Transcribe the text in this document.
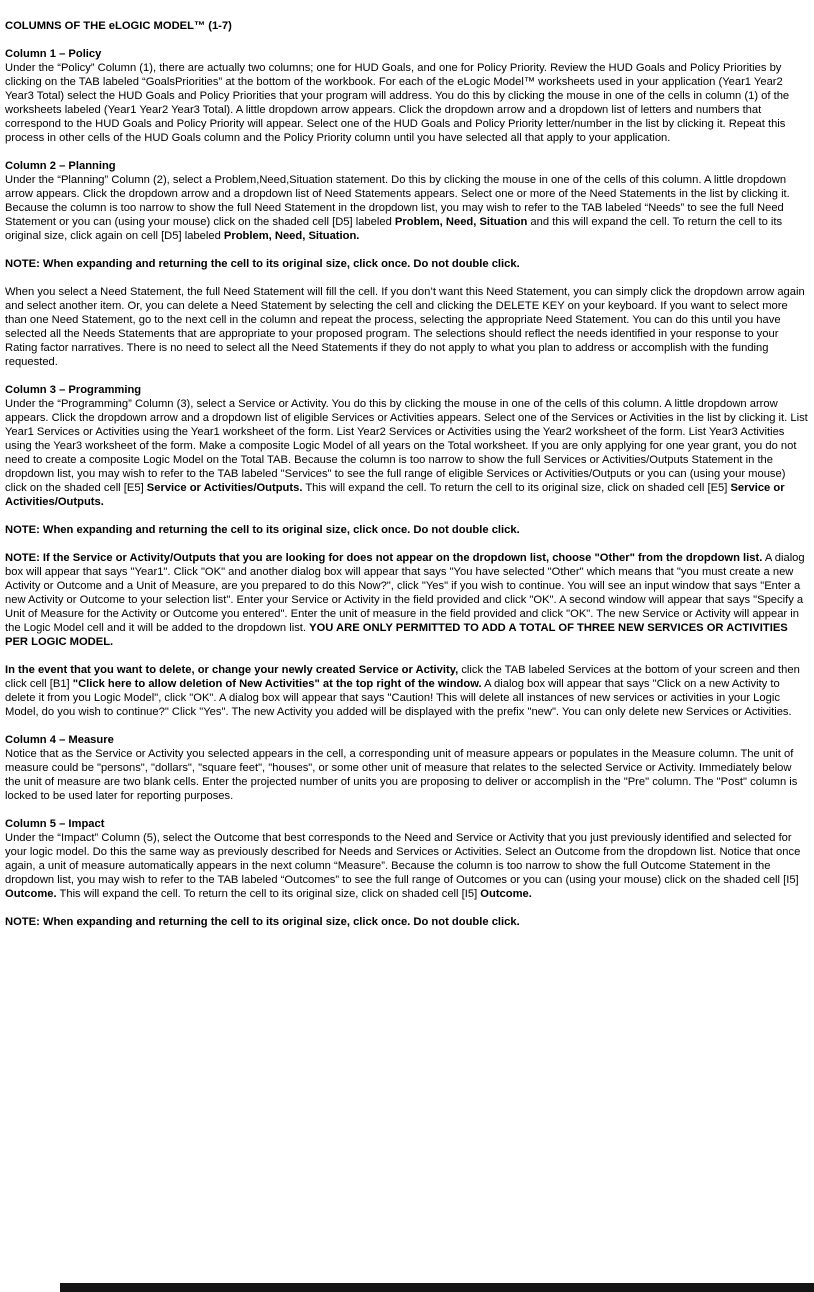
COLUMNS OF THE eLOGIC MODEL™ (1-7)
Column 1 – Policy
Under the “Policy” Column (1), there are actually two columns; one for HUD Goals, and one for Policy Priority. Review the HUD Goals and Policy Priorities by clicking on the TAB labeled “GoalsPriorities” at the bottom of the workbook. For each of the eLogic Model™ worksheets used in your application (Year1 Year2 Year3 Total) select the HUD Goals and Policy Priorities that your program will address. You do this by clicking the mouse in one of the cells in column (1) of the worksheets labeled (Year1 Year2 Year3 Total). A little dropdown arrow appears. Click the dropdown arrow and a dropdown list of letters and numbers that correspond to the HUD Goals and Policy Priority will appear. Select one of the HUD Goals and Policy Priority letter/number in the list by clicking it. Repeat this process in other cells of the HUD Goals column and the Policy Priority column until you have selected all that apply to your application.
Column 2 – Planning
Under the “Planning” Column (2), select a Problem,Need,Situation statement. Do this by clicking the mouse in one of the cells of this column. A little dropdown arrow appears. Click the dropdown arrow and a dropdown list of Need Statements appears. Select one or more of the Need Statements in the list by clicking it. Because the column is too narrow to show the full Need Statement in the dropdown list, you may wish to refer to the TAB labeled “Needs” to see the full Need Statement or you can (using your mouse) click on the shaded cell [D5] labeled Problem, Need, Situation and this will expand the cell. To return the cell to its original size, click again on cell [D5] labeled Problem, Need, Situation.
NOTE: When expanding and returning the cell to its original size, click once. Do not double click.
When you select a Need Statement, the full Need Statement will fill the cell. If you don’t want this Need Statement, you can simply click the dropdown arrow again and select another item. Or, you can delete a Need Statement by selecting the cell and clicking the DELETE KEY on your keyboard. If you want to select more than one Need Statement, go to the next cell in the column and repeat the process, selecting the appropriate Need Statement. You can do this until you have selected all the Needs Statements that are appropriate to your proposed program. The selections should reflect the needs identified in your response to your Rating factor narratives. There is no need to select all the Need Statements if they do not apply to what you plan to address or accomplish with the funding requested.
Column 3 – Programming
Under the “Programming” Column (3), select a Service or Activity. You do this by clicking the mouse in one of the cells of this column. A little dropdown arrow appears. Click the dropdown arrow and a dropdown list of eligible Services or Activities appears. Select one of the Services or Activities in the list by clicking it. List Year1 Services or Activities using the Year1 worksheet of the form. List Year2 Services or Activities using the Year2 worksheet of the form. List Year3 Activities using the Year3 worksheet of the form. Make a composite Logic Model of all years on the Total worksheet. If you are only applying for one year grant, you do not need to create a composite Logic Model on the Total TAB. Because the column is too narrow to show the full Services or Activities/Outputs Statement in the dropdown list, you may wish to refer to the TAB labeled "Services" to see the full range of eligible Services or Activities/Outputs or you can (using your mouse) click on the shaded cell [E5] Service or Activities/Outputs. This will expand the cell. To return the cell to its original size, click on shaded cell [E5] Service or Activities/Outputs.
NOTE: When expanding and returning the cell to its original size, click once. Do not double click.
NOTE: If the Service or Activity/Outputs that you are looking for does not appear on the dropdown list, choose "Other" from the dropdown list. A dialog box will appear that says "Year1". Click "OK" and another dialog box will appear that says "You have selected "Other" which means that "you must create a new Activity or Outcome and a Unit of Measure, are you prepared to do this Now?", click "Yes" if you wish to continue. You will see an input window that says "Enter a new Activity or Outcome to your selection list". Enter your Service or Activity in the field provided and click "OK". A second window will appear that says "Specify a Unit of Measure for the Activity or Outcome you entered". Enter the unit of measure in the field provided and click "OK". The new Service or Activity will appear in the Logic Model cell and it will be added to the dropdown list. YOU ARE ONLY PERMITTED TO ADD A TOTAL OF THREE NEW SERVICES OR ACTIVITIES PER LOGIC MODEL.
In the event that you want to delete, or change your newly created Service or Activity, click the TAB labeled Services at the bottom of your screen and then click cell [B1] "Click here to allow deletion of New Activities" at the top right of the window. A dialog box will appear that says "Click on a new Activity to delete it from you Logic Model", click "OK". A dialog box will appear that says "Caution! This will delete all instances of new services or activities in your Logic Model, do you wish to continue?" Click "Yes". The new Activity you added will be displayed with the prefix "new". You can only delete new Services or Activities.
Column 4 – Measure
Notice that as the Service or Activity you selected appears in the cell, a corresponding unit of measure appears or populates in the Measure column. The unit of measure could be "persons", "dollars", "square feet", "houses", or some other unit of measure that relates to the selected Service or Activity. Immediately below the unit of measure are two blank cells. Enter the projected number of units you are proposing to deliver or accomplish in the "Pre" column. The "Post" column is locked to be used later for reporting purposes.
Column 5 – Impact
Under the “Impact” Column (5), select the Outcome that best corresponds to the Need and Service or Activity that you just previously identified and selected for your logic model. Do this the same way as previously described for Needs and Services or Activities. Select an Outcome from the dropdown list. Notice that once again, a unit of measure automatically appears in the next column “Measure”. Because the column is too narrow to show the full Outcome Statement in the dropdown list, you may wish to refer to the TAB labeled “Outcomes” to see the full range of Outcomes or you can (using your mouse) click on the shaded cell [I5] Outcome. This will expand the cell. To return the cell to its original size, click on shaded cell [I5] Outcome.
NOTE: When expanding and returning the cell to its original size, click once. Do not double click.
